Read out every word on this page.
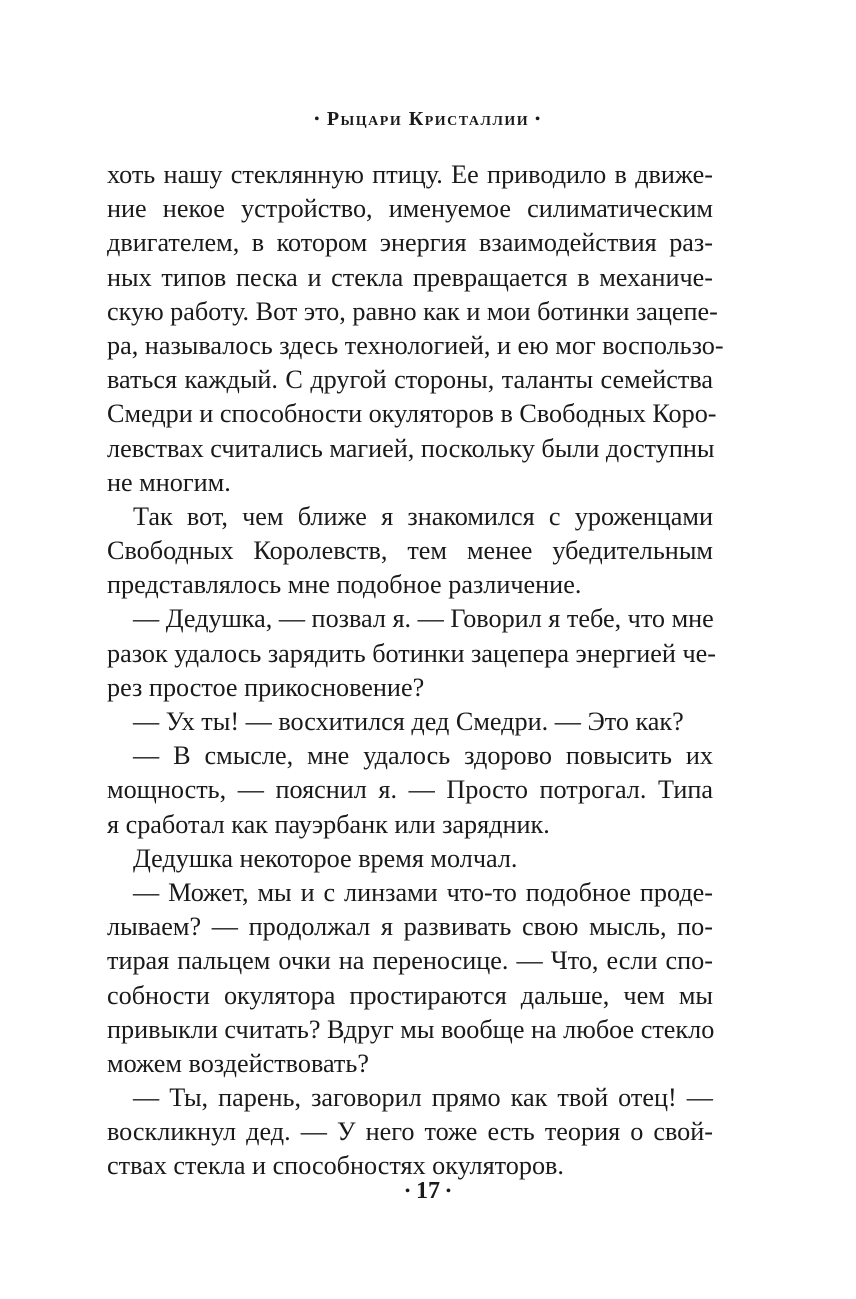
• Рыцари Кристаллии •
хоть нашу стеклянную птицу. Ее приводило в движе-
ние некое устройство, именуемое силиматическим
двигателем, в котором энергия взаимодействия раз-
ных типов песка и стекла превращается в механиче-
скую работу. Вот это, равно как и мои ботинки зацепе-
ра, называлось здесь технологией, и ею мог воспользо-
ваться каждый. С другой стороны, таланты семейства
Смедри и способности окуляторов в Свободных Коро-
левствах считались магией, поскольку были доступны
не многим.
Так вот, чем ближе я знакомился с уроженцами
Свободных Королевств, тем менее убедительным
представлялось мне подобное различение.
— Дедушка, — позвал я. — Говорил я тебе, что мне
разок удалось зарядить ботинки зацепера энергией че-
рез простое прикосновение?
— Ух ты! — восхитился дед Смедри. — Это как?
— В смысле, мне удалось здорово повысить их
мощность, — пояснил я. — Просто потрогал. Типа
я сработал как пауэрбанк или зарядник.
Дедушка некоторое время молчал.
— Может, мы и с линзами что-то подобное проде-
лываем? — продолжал я развивать свою мысль, по-
тирая пальцем очки на переносице. — Что, если спо-
собности окулятора простираются дальше, чем мы
привыкли считать? Вдруг мы вообще на любое стекло
можем воздействовать?
— Ты, парень, заговорил прямо как твой отец! —
воскликнул дед. — У него тоже есть теория о свой-
ствах стекла и способностях окуляторов.
• 17 •
